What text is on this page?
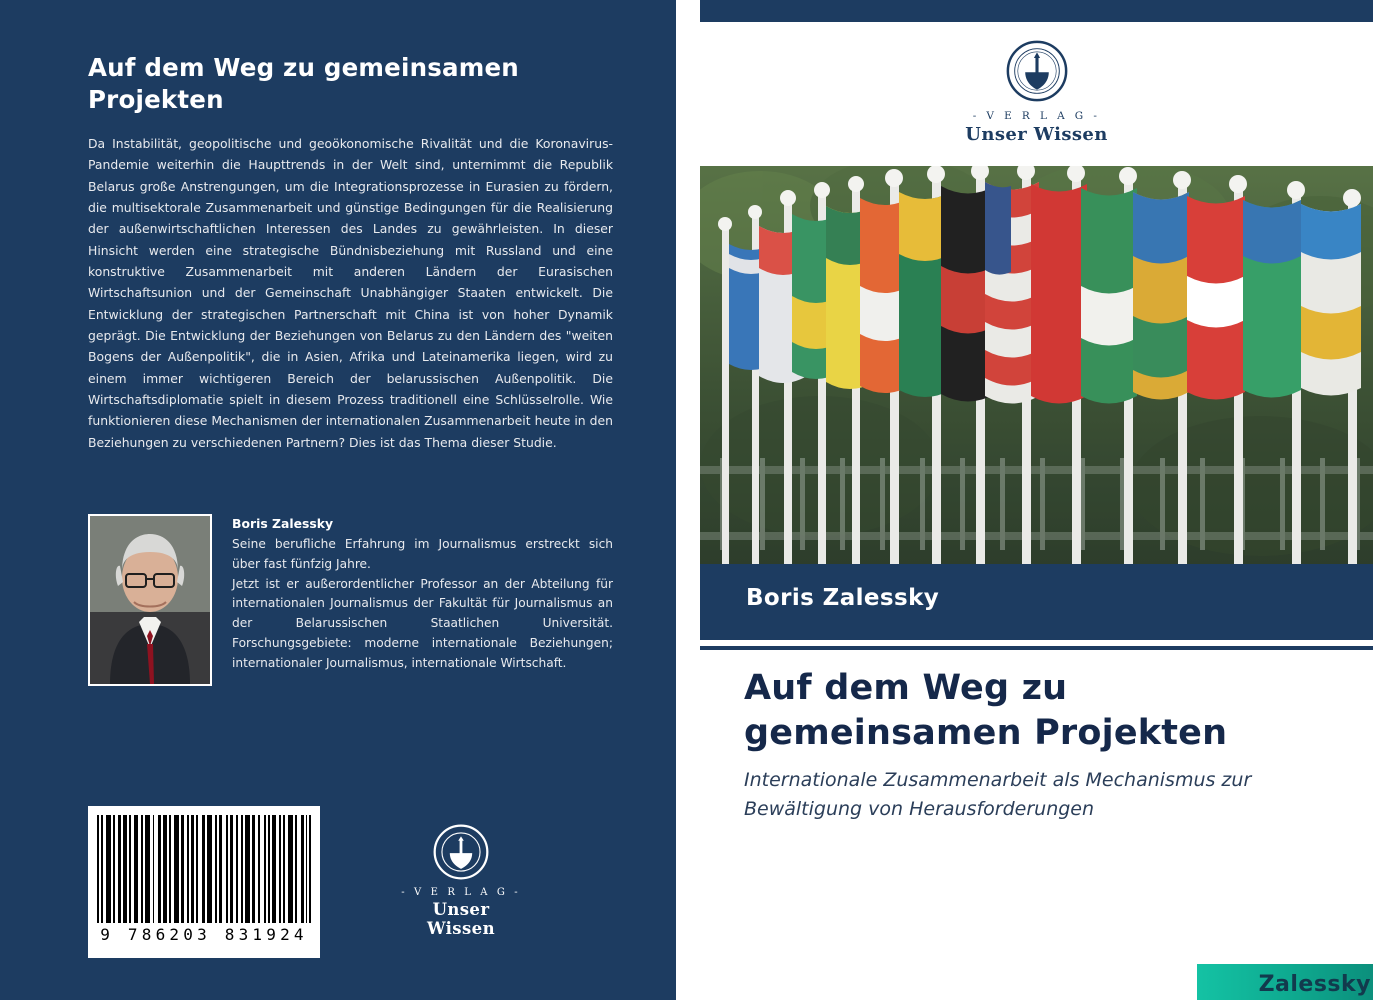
Auf dem Weg zu gemeinsamen Projekten
Da Instabilität, geopolitische und geoökonomische Rivalität und die Koronavirus-Pandemie weiterhin die Haupttrends in der Welt sind, unternimmt die Republik Belarus große Anstrengungen, um die Integrationsprozesse in Eurasien zu fördern, die multisektorale Zusammenarbeit und günstige Bedingungen für die Realisierung der außenwirtschaftlichen Interessen des Landes zu gewährleisten. In dieser Hinsicht werden eine strategische Bündnisbeziehung mit Russland und eine konstruktive Zusammenarbeit mit anderen Ländern der Eurasischen Wirtschaftsunion und der Gemeinschaft Unabhängiger Staaten entwickelt. Die Entwicklung der strategischen Partnerschaft mit China ist von hoher Dynamik geprägt. Die Entwicklung der Beziehungen von Belarus zu den Ländern des "weiten Bogens der Außenpolitik", die in Asien, Afrika und Lateinamerika liegen, wird zu einem immer wichtigeren Bereich der belarussischen Außenpolitik. Die Wirtschaftsdiplomatie spielt in diesem Prozess traditionell eine Schlüsselrolle. Wie funktionieren diese Mechanismen der internationalen Zusammenarbeit heute in den Beziehungen zu verschiedenen Partnern? Dies ist das Thema dieser Studie.
Boris Zalessky
Seine berufliche Erfahrung im Journalismus erstreckt sich über fast fünfzig Jahre.
Jetzt ist er außerordentlicher Professor an der Abteilung für internationalen Journalismus der Fakultät für Journalismus an der Belarussischen Staatlichen Universität. Forschungsgebiete: moderne internationale Beziehungen; internationaler Journalismus, internationale Wirtschaft.
9 786203 831924
- V E R L A G -
Unser Wissen
- V E R L A G -
Unser Wissen
Boris Zalessky
Auf dem Weg zu gemeinsamen Projekten
Internationale Zusammenarbeit als Mechanismus zur Bewältigung von Herausforderungen
Zalessky
